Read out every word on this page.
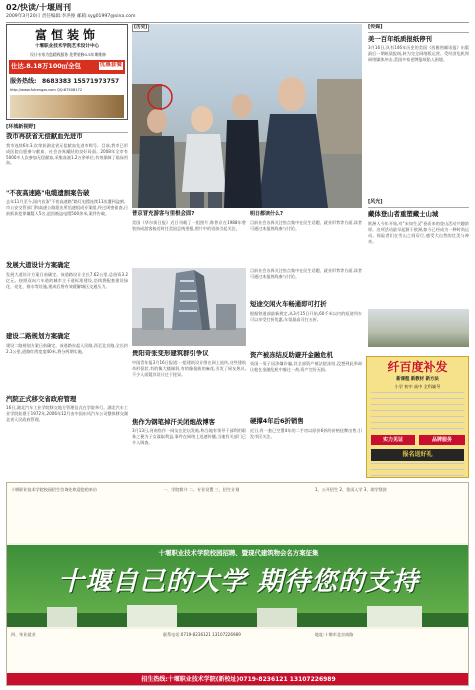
02/快读/十堰周刊
2009年3月20日 责任编辑:李洪俊 邮箱:syg01997@sina.com
富恒装饰
十堰职业技术学院艺术设计中心
设计专家为您精致服务 免费装修0-5年期维修
仕达.8.18万100㎡全包	优惠套餐
服务热线: 8683383 15571973757
http://www.fuhengzs.com QQ:87508172
[环城新视野]
我市再获省无偿献血先进市
我市连续6年3.次荣获湖北省无偿献血先进市称号。目前,我市已形成医院自愿参与献血、社会各界踊跃的良好局面。2008年全市有5000多人次参加无偿献血,采集血液1.2万余单位,有效保障了临床用血。
"不夜高速路"电缆遗割案告破
去年11月至今,国内首条"不夜高速路"路灯电缆连续11次遭到盗割。市公安交管部门和高速公路派出所迅速组成专案组,经过周密侦查,日前抓获犯罪嫌疑人5名,追回被盗电缆500余米,案件告破。
发展大道设计方案确定
发展大道设计方案日前确定。该道路设计全长7.62公里,总投资3.2亿元。按照双向六车道的城市主干道标准建设,沿线将配套建设绿化、亮化、排水等设施,建成后将有效缓解城区交通压力。
建设二路规划方案确定
建设二路规划方案日前确定。该道路东起人民路,西至北京路,全长约2.1公里,道路红线宽度40米,将分两期实施。
汽院正式移交省政府管理
16日,湖北汽车工业学院移交地方管理仪式在学院举行。湖北汽车工业学院始建于1972年,2006年12月由中国东风汽车公司整体移交湖北省人民政府管理。
[历史]
普京冒充游客与里根会面?
美国《华尔街日报》近日刊载了一组照片,称普京在1988年曾装扮成游客接近时任美国总统里根,照片中的男孩引起关注。
明日都读什么?
目前社会各界关注焦点集中在民生话题、就业形势等方面,读者可通过本报热线参与讨论。
贵阳奇张变形建筑群引争议
中国青年报3月16日报道:一组建筑设计图在网上流传,这些建筑奇形怪状,有的像大楼倾斜,有的像扭曲的麻花,引发了网友热议,不少人质疑其设计过于怪异。
焦作为钢笔掉汗关闭炮战博客
3月13日,河南焦作一网友在论坛发帖,称当地有领导干部利用职务之便为子女谋取利益,事件在网络上迅速传播,当地有关部门已介入调查。
目前社会各界关注焦点集中在民生话题、就业形势等方面,读者可通过本报热线参与讨论。
短途交闲火车畅通即可打折
根据铁道部最新规定,从3月15日开始,60千米以内的短途列车可以享受打折优惠,车票最高可打五折。
资产被冻结反助避开金融危机
英国一男子因涉嫌诈骗,其全部资产被法院冻结,没想到此举却让他在金融危机中躲过一劫,资产完好无损。
硬撑4年后6折销售
近日,有一套已空置4年的二手房以原价6折的价格挂牌出售,引发市民关注。
[传媒]
美一百年纸质报纸停刊
3月16日,具有146年历史的美国《西雅图邮讯报》出版最后一期纸质报纸,转为完全网络版运营。受经济危机和网络媒体冲击,美国多家老牌报纸陷入困境。
[风光]
藏体登山者重塑藏士山城
欧洲人今年开始,对"未知生灵"卷而来的登山活动兴趣浓厚。这项活动最早起源于欧洲,如今已经成为一种时尚运动。探险者们在雪山之间穿行,感受大自然的壮美与神奇。
纤百度补发
新课程 新教材 新方法
小学 初中 高中 全科辅导
实力见证	品牌服务
报名送好礼
十堰职业技术学院校园招生咨询处欢迎您的来访	一、学院简介 二、专业设置 三、招生计划	1、公开招生 2、免试入学 3、助学贷款
十堰职业技术学院校园招聘、暨现代建筑物会名方案征集
十堰自己的大学 期待您的支持
四、毕业就业	联系电话:0719-8236121 13107226989	地址:十堰市北京南路
招生热线:十堰职业技术学院(新校址)0719-8236121 13107226989
